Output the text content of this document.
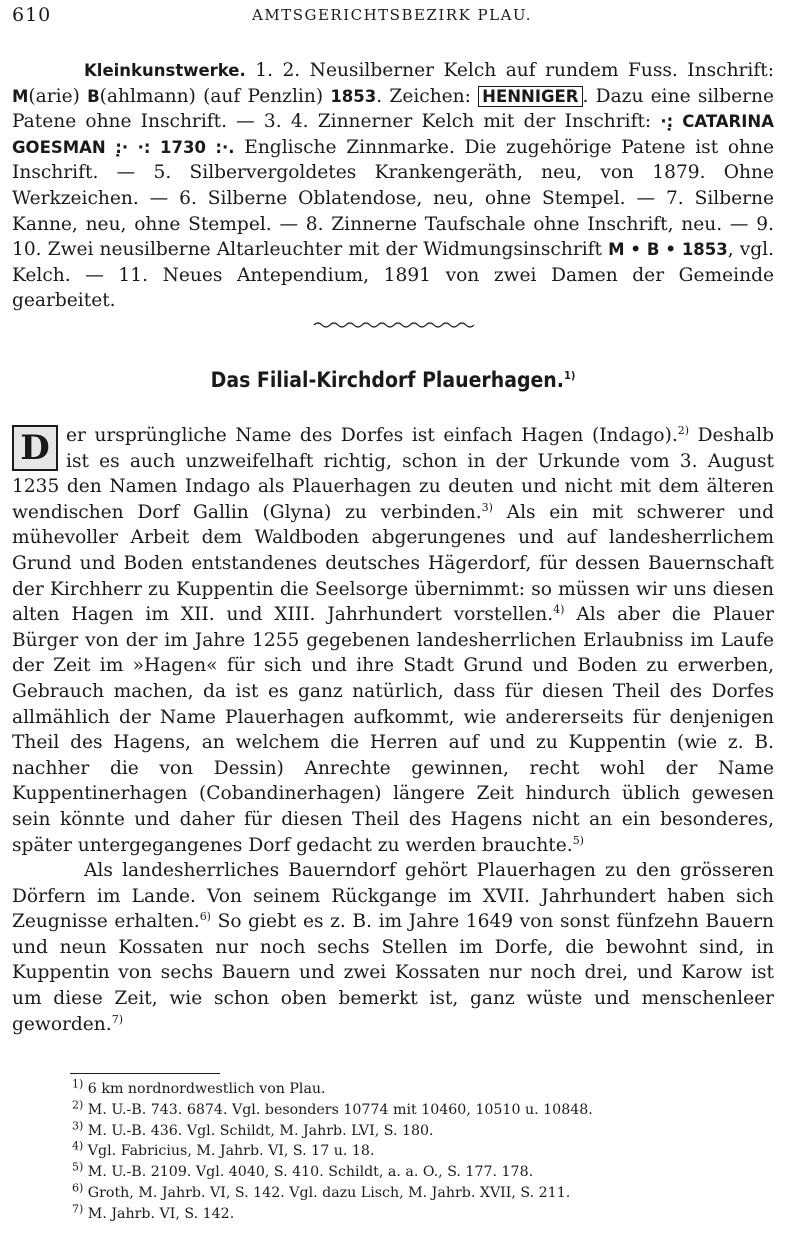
610	AMTSGERICHTSBEZIRK PLAU.

Kleinkunstwerke. 1. 2. Neusilberner Kelch auf rundem Fuss. Inschrift: M(arie) B(ahlmann) (auf Penzlin) 1853. Zeichen: HENNIGER . Dazu eine silberne Patene ohne Inschrift. — 3. 4. Zinnerner Kelch mit der Inschrift: ·:̣ CATARINA GOESMAN :̣· ·: 1730 :·. Englische Zinnmarke. Die zugehörige Patene ist ohne Inschrift. — 5. Silbervergoldetes Krankengeräth, neu, von 1879. Ohne Werkzeichen. — 6. Silberne Oblatendose, neu, ohne Stempel. — 7. Silberne Kanne, neu, ohne Stempel. — 8. Zinnerne Taufschale ohne Inschrift, neu. — 9. 10. Zwei neusilberne Altarleuchter mit der Widmungsinschrift M • B • 1853, vgl. Kelch. — 11. Neues Antependium, 1891 von zwei Damen der Gemeinde gearbeitet.

Das Filial-Kirchdorf Plauerhagen.$^{1)}$

D er ursprüngliche Name des Dorfes ist einfach Hagen (Indago).$^{2)}$ Deshalb ist es auch unzweifelhaft richtig, schon in der Urkunde vom 3. August 1235 den Namen Indago als Plauerhagen zu deuten und nicht mit dem älteren wendischen Dorf Gallin (Glyna) zu verbinden.$^{3)}$ Als ein mit schwerer und mühevoller Arbeit dem Waldboden abgerungenes und auf landesherrlichem Grund und Boden entstandenes deutsches Hägerdorf, für dessen Bauernschaft der Kirchherr zu Kuppentin die Seelsorge übernimmt: so müssen wir uns diesen alten Hagen im XII. und XIII. Jahrhundert vorstellen.$^{4)}$ Als aber die Plauer Bürger von der im Jahre 1255 gegebenen landesherrlichen Erlaubniss im Laufe der Zeit im »Hagen« für sich und ihre Stadt Grund und Boden zu erwerben, Gebrauch machen, da ist es ganz natürlich, dass für diesen Theil des Dorfes allmählich der Name Plauerhagen aufkommt, wie andererseits für denjenigen Theil des Hagens, an welchem die Herren auf und zu Kuppentin (wie z. B. nachher die von Dessin) Anrechte gewinnen, recht wohl der Name Kuppentinerhagen (Cobandinerhagen) längere Zeit hindurch üblich gewesen sein könnte und daher für diesen Theil des Hagens nicht an ein besonderes, später untergegangenes Dorf gedacht zu werden brauchte.$^{5)}$
Als landesherrliches Bauerndorf gehört Plauerhagen zu den grösseren Dörfern im Lande. Von seinem Rückgange im XVII. Jahrhundert haben sich Zeugnisse erhalten.$^{6)}$ So giebt es z. B. im Jahre 1649 von sonst fünfzehn Bauern und neun Kossaten nur noch sechs Stellen im Dorfe, die bewohnt sind, in Kuppentin von sechs Bauern und zwei Kossaten nur noch drei, und Karow ist um diese Zeit, wie schon oben bemerkt ist, ganz wüste und menschenleer geworden.$^{7)}$

$^{1)}$ 6 km nordnordwestlich von Plau.
$^{2)}$ M. U.-B. 743. 6874. Vgl. besonders 10774 mit 10460, 10510 u. 10848.
$^{3)}$ M. U.-B. 436. Vgl. Schildt, M. Jahrb. LVI, S. 180.
$^{4)}$ Vgl. Fabricius, M. Jahrb. VI, S. 17 u. 18.
$^{5)}$ M. U.-B. 2109. Vgl. 4040, S. 410. Schildt, a. a. O., S. 177. 178.
$^{6)}$ Groth, M. Jahrb. VI, S. 142. Vgl. dazu Lisch, M. Jahrb. XVII, S. 211.
$^{7)}$ M. Jahrb. VI, S. 142.
